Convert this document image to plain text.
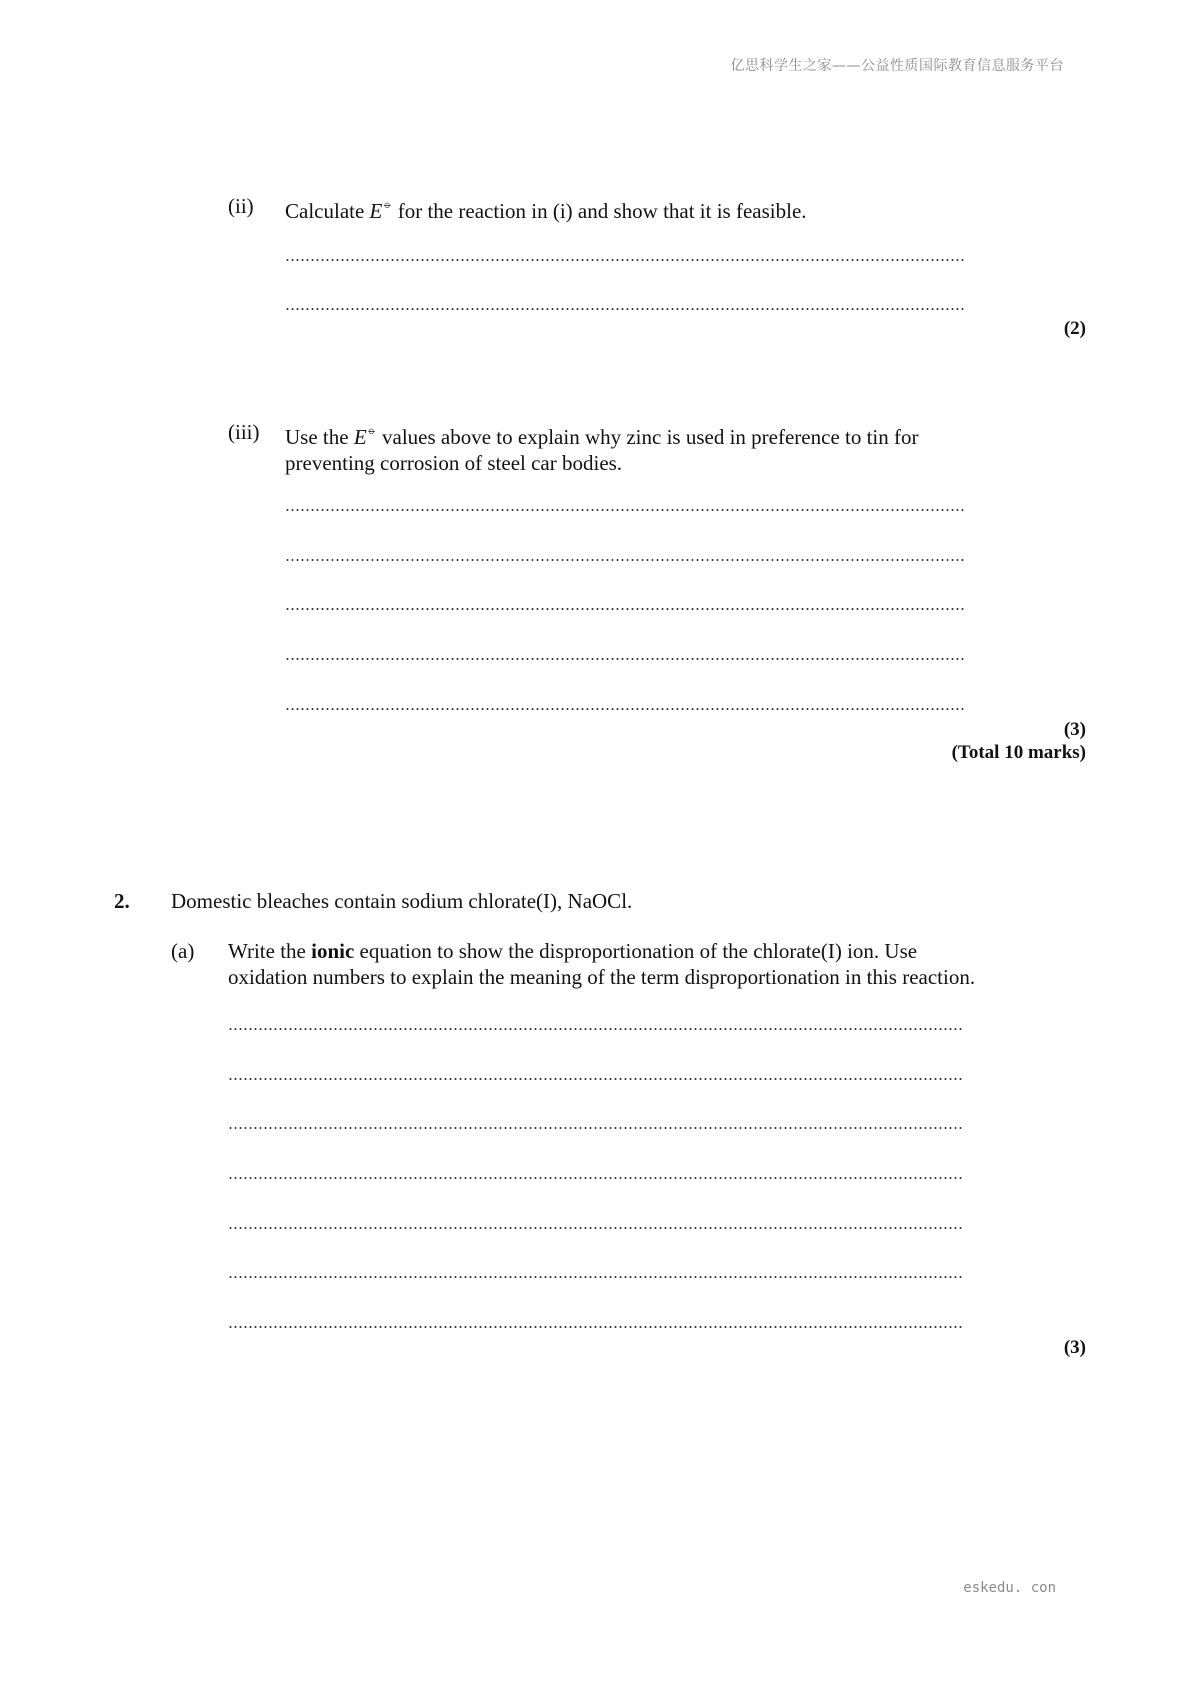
亿思科学生之家——公益性质国际教育信息服务平台
eskedu. con
(ii) Calculate E⦵ for the reaction in (i) and show that it is feasible.
(2)
(iii) Use the E⦵ values above to explain why zinc is used in preference to tin for
preventing corrosion of steel car bodies.
(3)
(Total 10 marks)
2. Domestic bleaches contain sodium chlorate(I), NaOCl.
(a) Write the ionic equation to show the disproportionation of the chlorate(I) ion. Use
oxidation numbers to explain the meaning of the term disproportionation in this reaction.
(3)
